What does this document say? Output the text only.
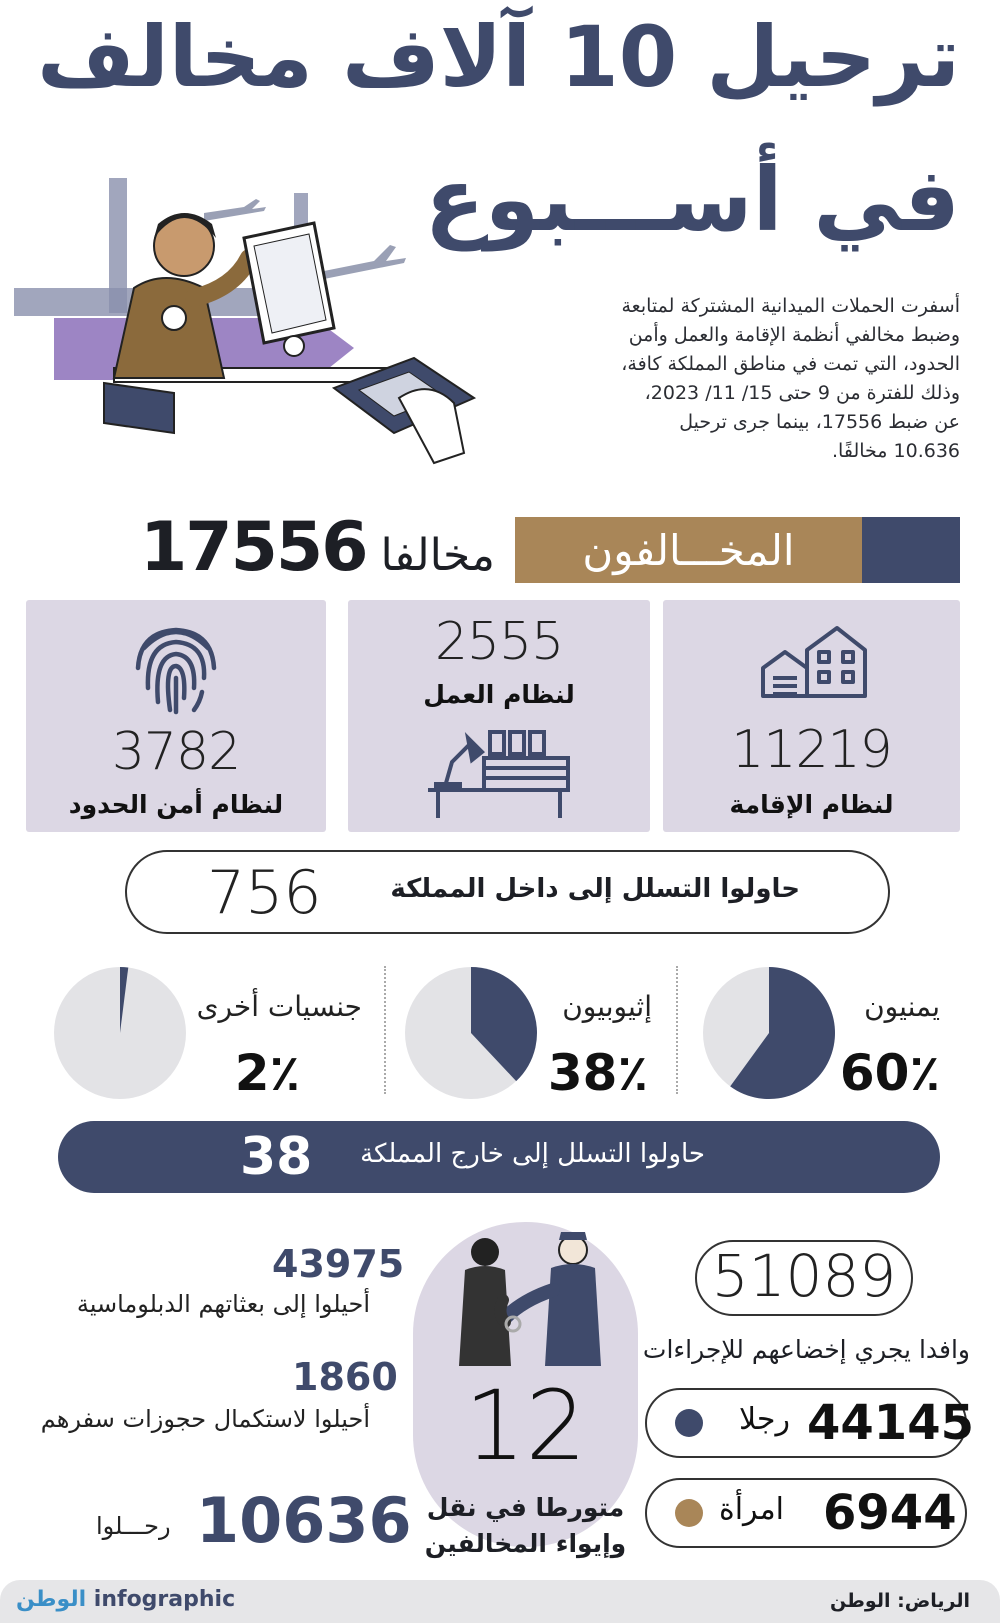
ترحيل 10 آلاف مخالف
في أســـبوع
أسفرت الحملات الميدانية المشتركة لمتابعة وضبط مخالفي أنظمة الإقامة والعمل وأمن الحدود، التي تمت في مناطق المملكة كافة، وذلك للفترة من 9 حتى 15/ 11/ 2023، عن ضبط 17556، بينما جرى ترحيل 10.636 مخالفًا.
المخـــالفون
مخالفا
17556
11219
لنظام الإقامة
2555
لنظام العمل
3782
لنظام أمن الحدود
756	حاولوا التسلل إلى داخل المملكة
يمنيون
60٪
إثيوبيون
38٪
جنسيات أخرى
2٪
38 حاولوا التسلل إلى خارج المملكة
51089
وافدا يجري إخضاعهم للإجراءات
44145
رجلا
6944
امرأة
12
متورطا في نقل
وإيواء المخالفين
43975
أحيلوا إلى بعثاتهم الدبلوماسية
1860
أحيلوا لاستكمال حجوزات سفرهم
10636
رحـــلوا
الوطن infographic	الرياض: الوطن
